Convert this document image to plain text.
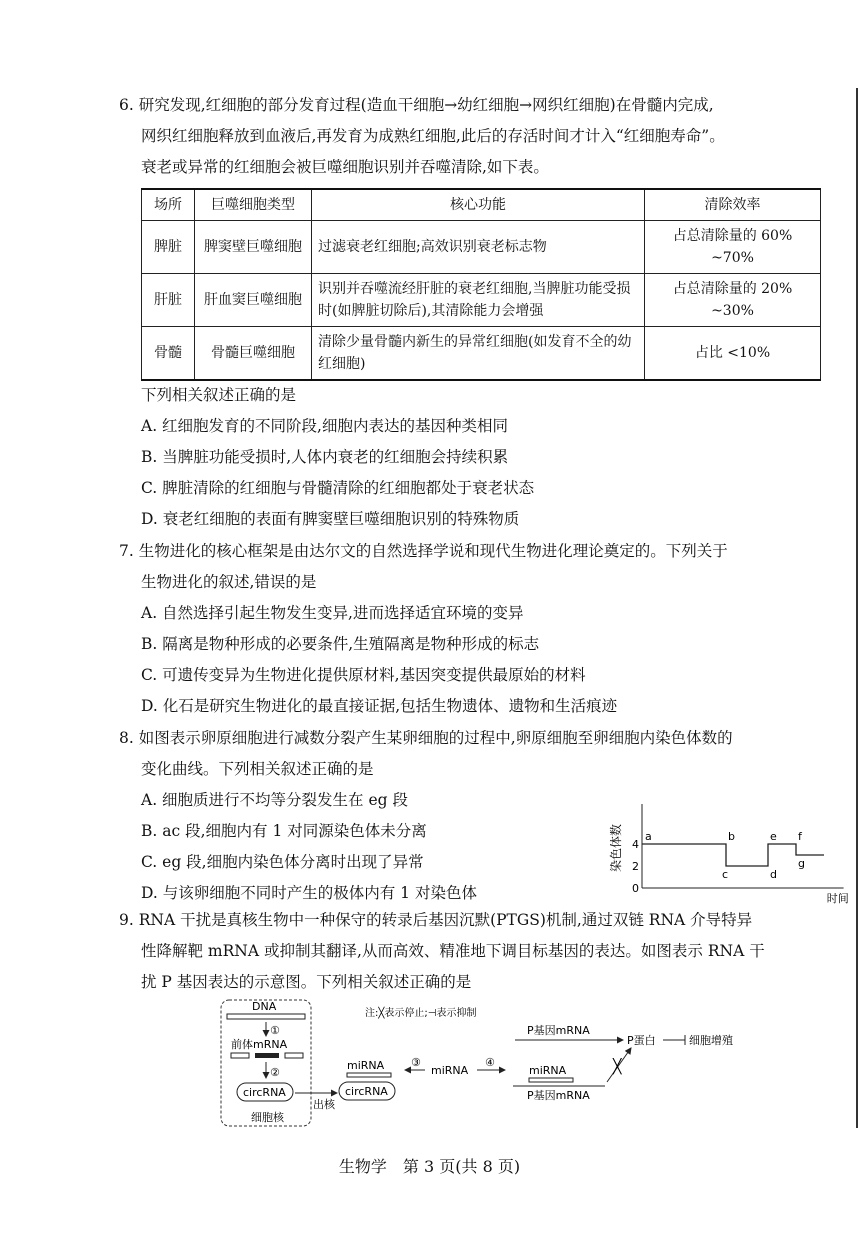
6. 研究发现,红细胞的部分发育过程(造血干细胞→幼红细胞→网织红细胞)在骨髓内完成,
网织红细胞释放到血液后,再发育为成熟红细胞,此后的存活时间才计入“红细胞寿命”。
衰老或异常的红细胞会被巨噬细胞识别并吞噬清除,如下表。
场所	巨噬细胞类型	核心功能	清除效率
脾脏	脾窦壁巨噬细胞	过滤衰老红细胞;高效识别衰老标志物	占总清除量的 60% ~70%
肝脏	肝血窦巨噬细胞	识别并吞噬流经肝脏的衰老红细胞,当脾脏功能受损时(如脾脏切除后),其清除能力会增强	占总清除量的 20% ~30%
骨髓	骨髓巨噬细胞	清除少量骨髓内新生的异常红细胞(如发育不全的幼红细胞)	占比 <10%
下列相关叙述正确的是
A. 红细胞发育的不同阶段,细胞内表达的基因种类相同
B. 当脾脏功能受损时,人体内衰老的红细胞会持续积累
C. 脾脏清除的红细胞与骨髓清除的红细胞都处于衰老状态
D. 衰老红细胞的表面有脾窦壁巨噬细胞识别的特殊物质
7. 生物进化的核心框架是由达尔文的自然选择学说和现代生物进化理论奠定的。下列关于
生物进化的叙述,错误的是
A. 自然选择引起生物发生变异,进而选择适宜环境的变异
B. 隔离是物种形成的必要条件,生殖隔离是物种形成的标志
C. 可遗传变异为生物进化提供原材料,基因突变提供最原始的材料
D. 化石是研究生物进化的最直接证据,包括生物遗体、遗物和生活痕迹
8. 如图表示卵原细胞进行减数分裂产生某卵细胞的过程中,卵原细胞至卵细胞内染色体数的
变化曲线。下列相关叙述正确的是
A. 细胞质进行不均等分裂发生在 eg 段
B. ac 段,细胞内有 1 对同源染色体未分离
C. eg 段,细胞内染色体分离时出现了异常
D. 与该卵细胞不同时产生的极体内有 1 对染色体	0
2
4
染色体数
时间
a	b
c	d
e f
g
9. RNA 干扰是真核生物中一种保守的转录后基因沉默(PTGS)机制,通过双链 RNA 介导特异
性降解靶 mRNA 或抑制其翻译,从而高效、精准地下调目标基因的表达。如图表示 RNA 干
扰 P 基因表达的示意图。下列相关叙述正确的是
DNA
①
前体mRNA
②
circRNA
细胞核
出核
miRNA
circRNA
③
miRNA
④
注:╳表示停止;⊣表示抑制
P基因mRNA
P蛋白	细胞增殖
miRNA
P基因mRNA
╳
生物学　第 3 页(共 8 页)
